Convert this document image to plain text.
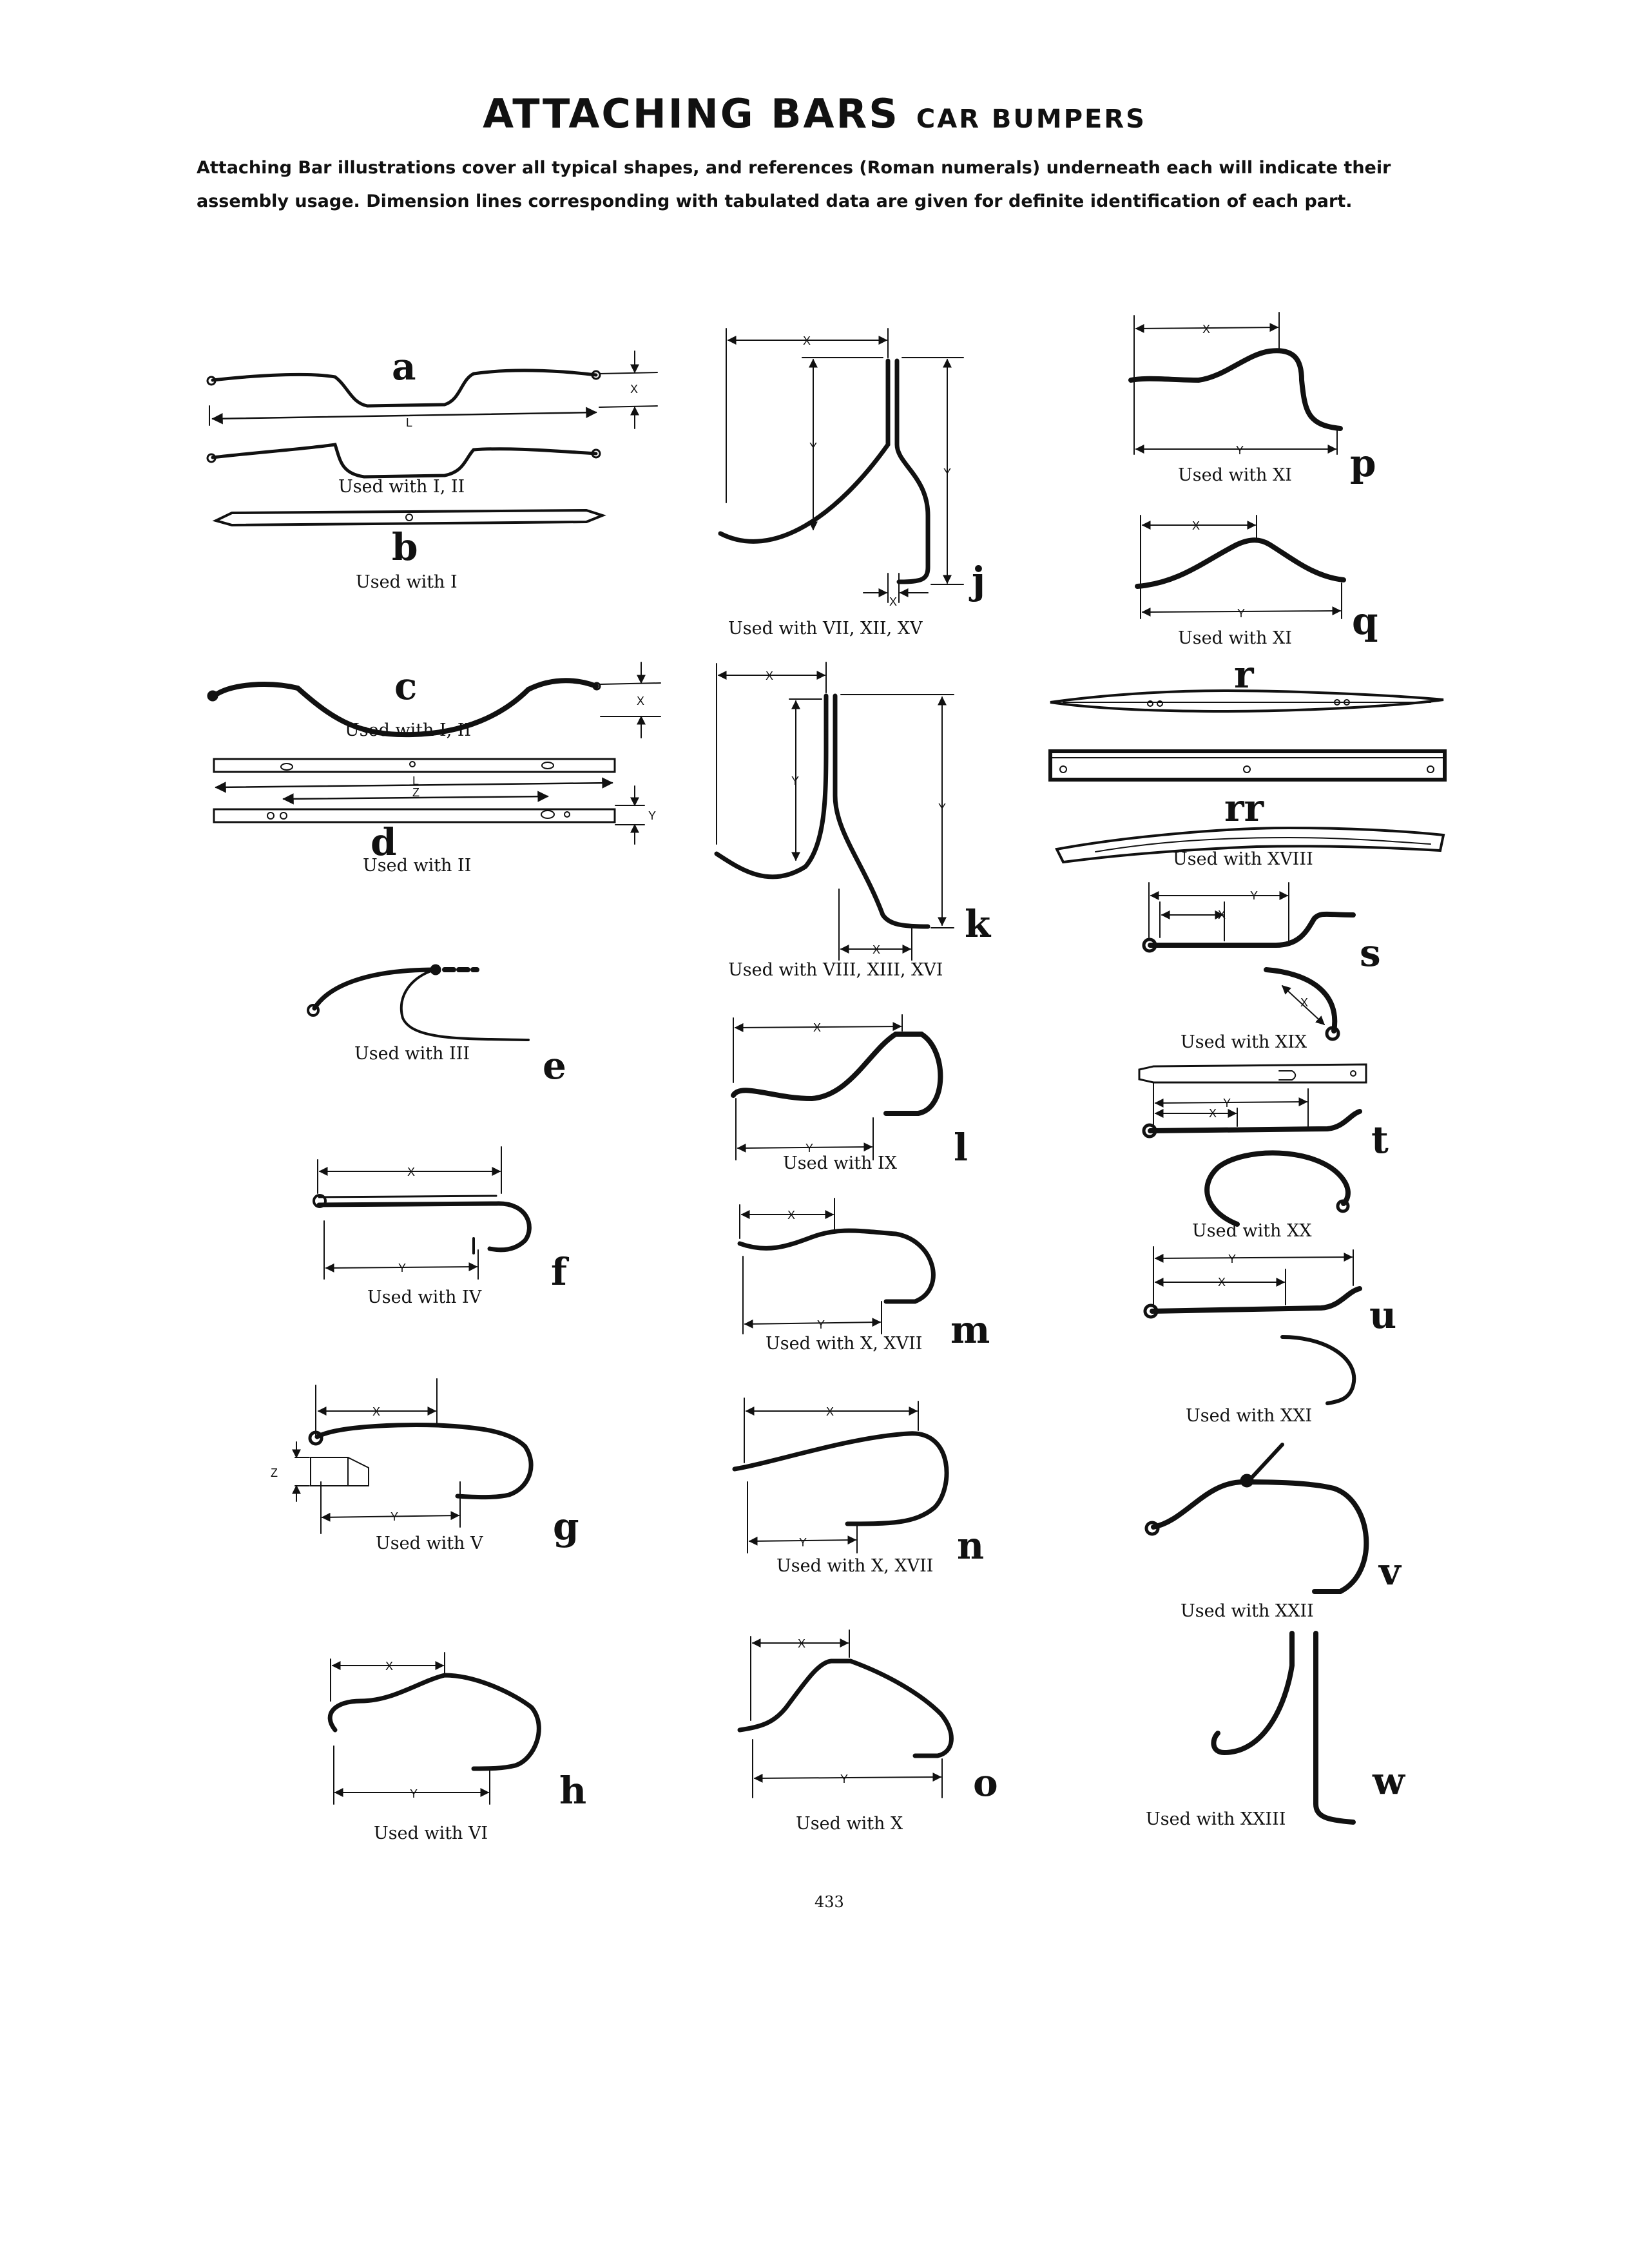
ATTACHING BARS CAR BUMPERS
Attaching Bar illustrations cover all typical shapes, and references (Roman numerals) underneath each will indicate their assembly usage. Dimension lines corresponding with tabulated data are given for definite identification of each part.
L
X
X
L
Z
Y
X
Y
X
Y
Z
X
Y
X
Y
Y
X
X
Y
Y
X
X
Y
X
Y
X
Y
X
Y
X
Y
X
Y
Y
X
X
Y
X
Y
X
Used with I, II
a
b
Used with I
c
Used with I, II
d
Used with II
Used with III e
f
Used with IV
g
Used with V
h
Used with VI
j
Used with VII, XII, XV
k
Used with VIII, XIII, XVI
Used with IX l
Used with X, XVII m
Used with X, XVII n
o
Used with X
Used with XI p
Used with XI q
r
rr
Used with XVIII
s
Used with XIX
t
Used with XX
u
Used with XXI
v
Used with XXII
w
Used with XXIII
433
